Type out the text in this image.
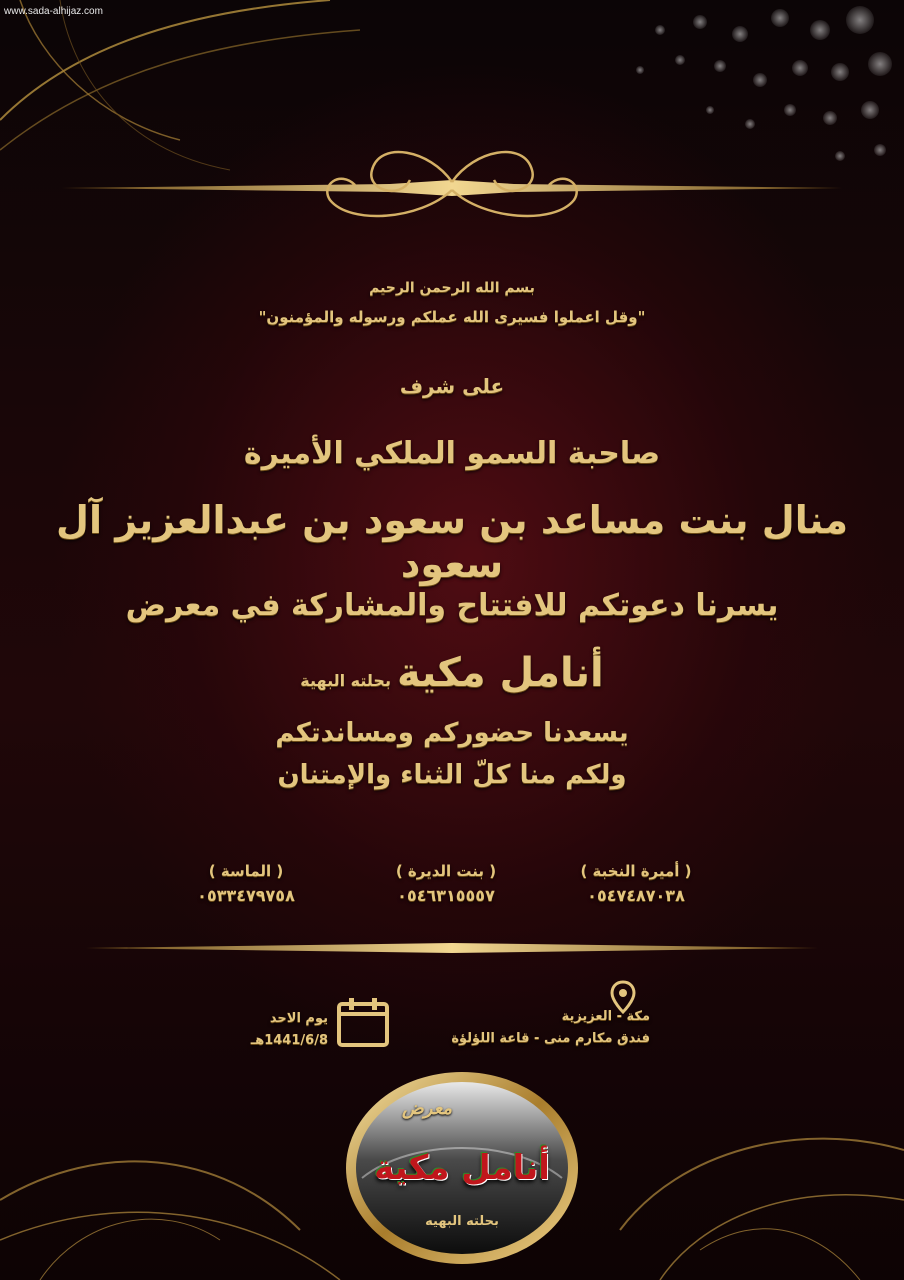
www.sada-alhijaz.com
بسم الله الرحمن الرحيم
"وقل اعملوا فسيرى الله عملكم ورسوله والمؤمنون"
على شرف
صاحبة السمو الملكي الأميرة
منال بنت مساعد بن سعود بن عبدالعزيز آل سعود
يسرنا دعوتكم للافتتاح والمشاركة في معرض
أنامل مكيةبحلته البهية
يسعدنا حضوركم ومساندتكم
ولكم منا كلّ الثناء والإمتنان
( أميرة النخبة )
٠٥٤٧٤٨٧٠٣٨
( بنت الديرة )
٠٥٤٦٣١٥٥٥٧
( الماسة )
٠٥٣٣٤٧٩٧٥٨
مكة - العزيزية
فندق مكارم منى - قاعة اللؤلؤة
يوم الاحد
1441/6/8هـ
معرض
أنامل مكية
بحلته البهيه
